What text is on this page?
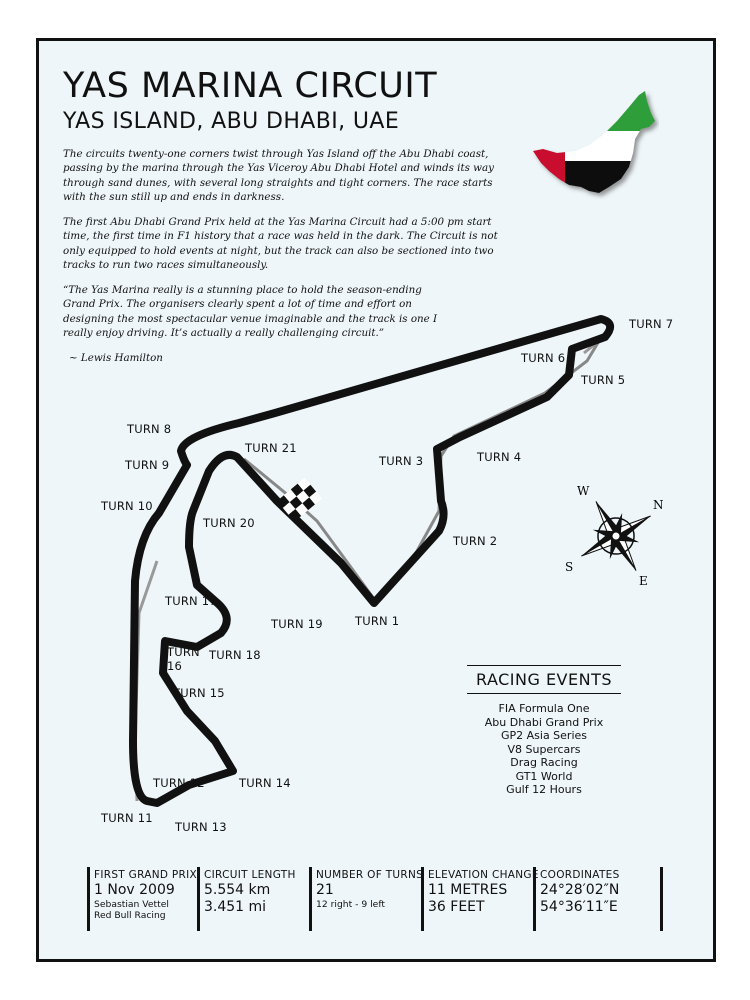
YAS MARINA CIRCUIT
YAS ISLAND, ABU DHABI, UAE

The circuits twenty-one corners twist through Yas Island off the Abu Dhabi coast, passing by the marina through the Yas Viceroy Abu Dhabi Hotel and winds its way through sand dunes, with several long straights and tight corners. The race starts with the sun still up and ends in darkness.

The first Abu Dhabi Grand Prix held at the Yas Marina Circuit had a 5:00 pm start time, the first time in F1 history that a race was held in the dark. The Circuit is not only equipped to hold events at night, but the track can also be sectioned into two tracks to run two races simultaneously.

“The Yas Marina really is a stunning place to hold the season-ending Grand Prix. The organisers clearly spent a lot of time and effort on designing the most spectacular venue imaginable and the track is one I really enjoy driving. It’s actually a really challenging circuit.”

~ Lewis Hamilton

TURN 1
TURN 2
TURN 3	TURN 4
TURN 5
TURN 6
TURN 7
TURN 8
TURN 9
TURN 10
TURN 11
TURN 12
TURN 13
TURN 14
TURN 15
TURN
16
TURN 17
TURN 18
TURN 19
TURN 20
TURN 21
N
E
S
W
RACING EVENTS
FIA Formula One
Abu Dhabi Grand Prix
GP2 Asia Series
V8 Supercars
Drag Racing
GT1 World
Gulf 12 Hours
FIRST GRAND PRIX
1 Nov 2009
Sebastian Vettel
Red Bull Racing
CIRCUIT LENGTH
5.554 km
3.451 mi
NUMBER OF TURNS
21
12 right - 9 left
ELEVATION CHANGE
11 METRES
36 FEET
COORDINATES
24°28′02″N
54°36′11″E
